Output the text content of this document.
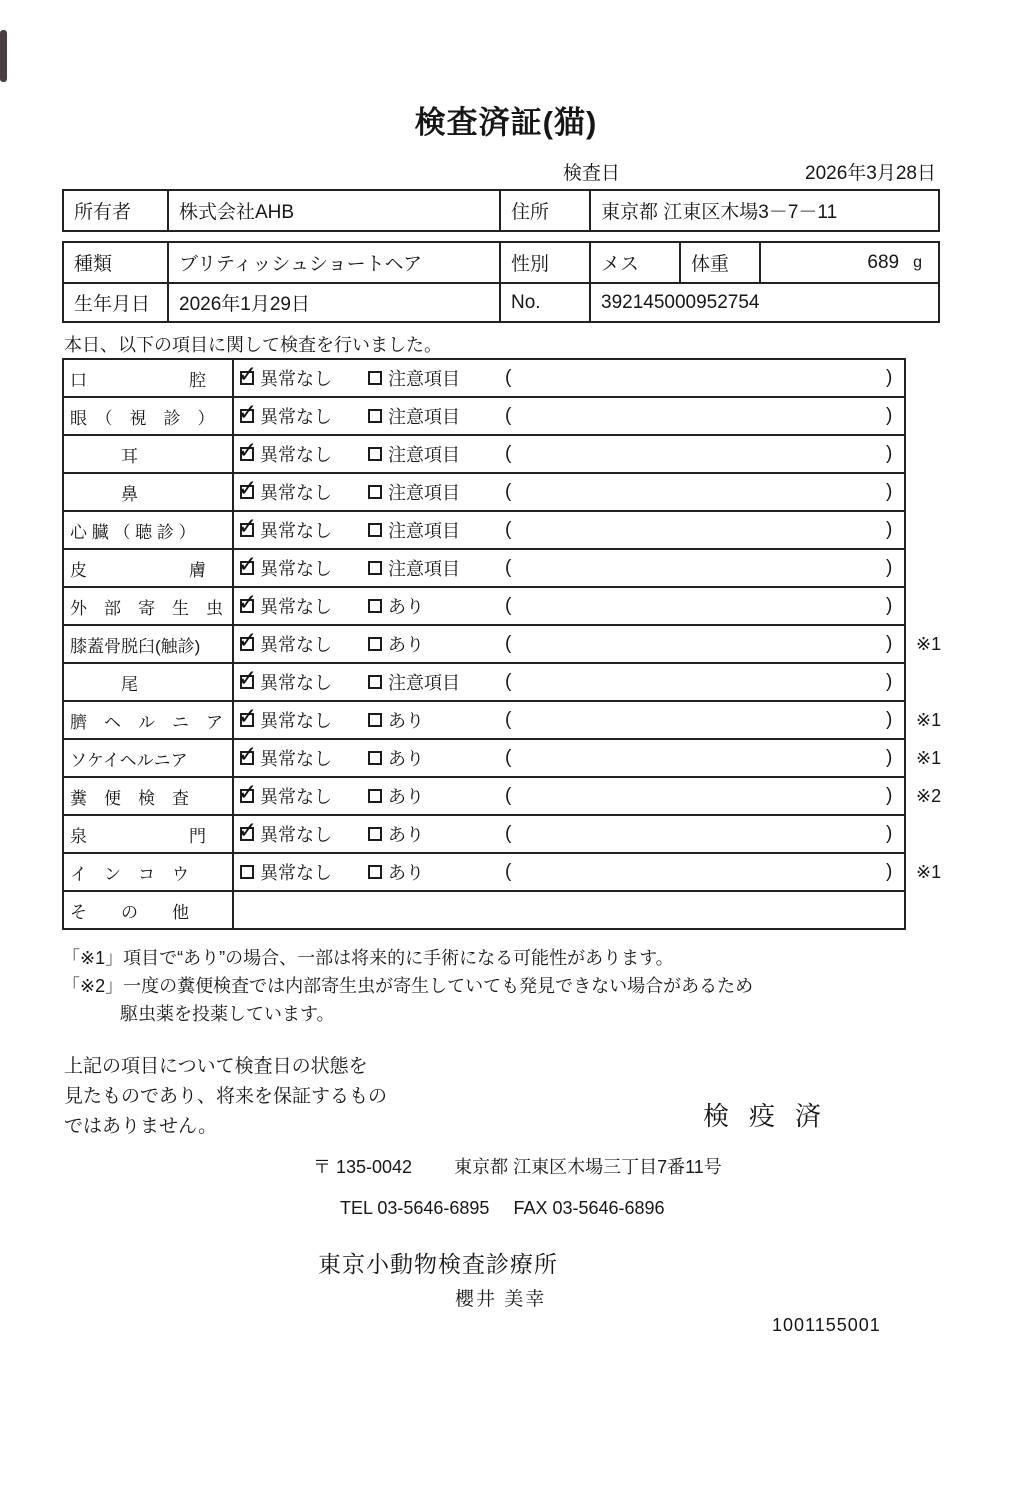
検査済証(猫)
検査日	2026年3月28日
所有者	株式会社AHB	住所	東京都 江東区木場3－7－11
種類	ブリティッシュショートヘア	性別	メス	体重	689 g
生年月日	2026年1月29日	No.	392145000952754
本日、以下の項目に関して検査を行いました。
口　　　　　　腔 ✓	異常なし	注意項目 (	)
眼　（　視　診　） ✓	異常なし	注意項目 (	)
　　　耳 ✓	異常なし	注意項目 (	)
　　　鼻 ✓	異常なし	注意項目 (	)
心 臓 （ 聴 診 ） ✓	異常なし	注意項目 (	)
皮　　　　　　膚 ✓	異常なし	注意項目 (	)
外　部　寄　生　虫 ✓	異常なし	あり	(	)
膝蓋骨脱臼(触診) ✓	異常なし	あり	(	) ※1
　　　尾 ✓	異常なし	注意項目 (	)
臍　ヘ　ル　ニ　ア ✓	異常なし	あり	(	) ※1
ソケイヘルニア ✓	異常なし	あり	(	) ※1
糞　便　検　査 ✓	異常なし	あり	(	) ※2
泉　　　　　　門 ✓	異常なし	あり	(	)
イ　ン　コ　ウ	異常なし	あり	(	) ※1
そ　　の　　他
「※1」項目で“あり”の場合、一部は将来的に手術になる可能性があります。
「※2」一度の糞便検査では内部寄生虫が寄生していても発見できない場合があるため
駆虫薬を投薬しています。
上記の項目について検査日の状態を
見たものであり、将来を保証するもの
ではありません。	検疫済
〒 135-0042 東京都 江東区木場三丁目7番11号
TEL 03-5646-6895 FAX 03-5646-6896
東京小動物検査診療所
櫻井 美幸
1001155001
